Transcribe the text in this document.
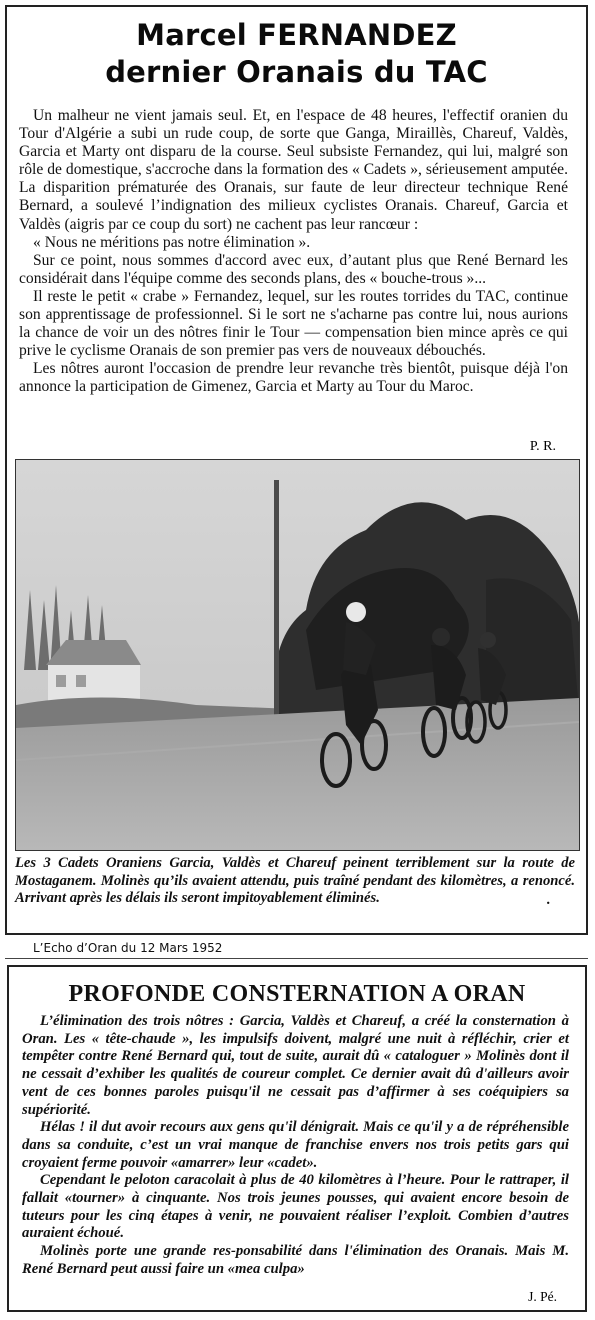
Marcel FERNANDEZ
dernier Oranais du TAC

Un malheur ne vient jamais seul. Et, en l'espace de 48 heures, l'effectif oranien du Tour d'Algérie a subi un rude coup, de sorte que Ganga, Miraillès, Chareuf, Valdès, Garcia et Marty ont disparu de la course. Seul subsiste Fernandez, qui lui, malgré son rôle de domestique, s'accroche dans la formation des « Cadets », sérieusement amputée. La disparition prématurée des Oranais, sur faute de leur directeur technique René Bernard, a soulevé l’indignation des milieux cyclistes Oranais. Chareuf, Garcia et Valdès (aigris par ce coup du sort) ne cachent pas leur rancœur :

« Nous ne méritions pas notre élimination ».

Sur ce point, nous sommes d'accord avec eux, d’autant plus que René Bernard les considérait dans l'équipe comme des seconds plans, des « bouche-trous »...

Il reste le petit « crabe » Fernandez, lequel, sur les routes torrides du TAC, continue son apprentissage de professionnel. Si le sort ne s'acharne pas contre lui, nous aurions la chance de voir un des nôtres finir le Tour — compensation bien mince après ce qui prive le cyclisme Oranais de son premier pas vers de nouveaux débouchés.

Les nôtres auront l'occasion de prendre leur revanche très bientôt, puisque déjà l'on annonce la participation de Gimenez, Garcia et Marty au Tour du Maroc.

P. R.
Les 3 Cadets Oraniens Garcia, Valdès et Chareuf peinent terriblement sur la route de Mostaganem. Molinès qu’ils avaient attendu, puis traîné pendant des kilomètres, a renoncé. Arrivant après les délais ils seront impitoyablement éliminés.	.
L’Echo d’Oran du 12 Mars 1952
PROFONDE CONSTERNATION A ORAN

L’élimination des trois nôtres : Garcia, Valdès et Chareuf, a créé la consternation à Oran. Les « tête-chaude », les impulsifs doivent, malgré une nuit à réfléchir, crier et tempêter contre René Bernard qui, tout de suite, aurait dû « cataloguer » Molinès dont il ne cessait d’exhiber les qualités de coureur complet. Ce dernier avait dû d'ailleurs avoir vent de ces bonnes paroles puisqu'il ne cessait pas d’affirmer à ses coéquipiers sa supériorité.

Hélas ! il dut avoir recours aux gens qu'il dénigrait. Mais ce qu'il y a de répréhensible dans sa conduite, c’est un vrai manque de franchise envers nos trois petits gars qui croyaient ferme pouvoir «amarrer» leur «cadet».

Cependant le peloton caracolait à plus de 40 kilomètres à l’heure. Pour le rattraper, il fallait «tourner» à cinquante. Nos trois jeunes pousses, qui avaient encore besoin de tuteurs pour les cinq étapes à venir, ne pouvaient réaliser l’exploit. Combien d’autres auraient échoué.

Molinès porte une grande res-ponsabilité dans l'élimination des Oranais. Mais M. René Bernard peut aussi faire un «mea culpa»

J. Pé.
